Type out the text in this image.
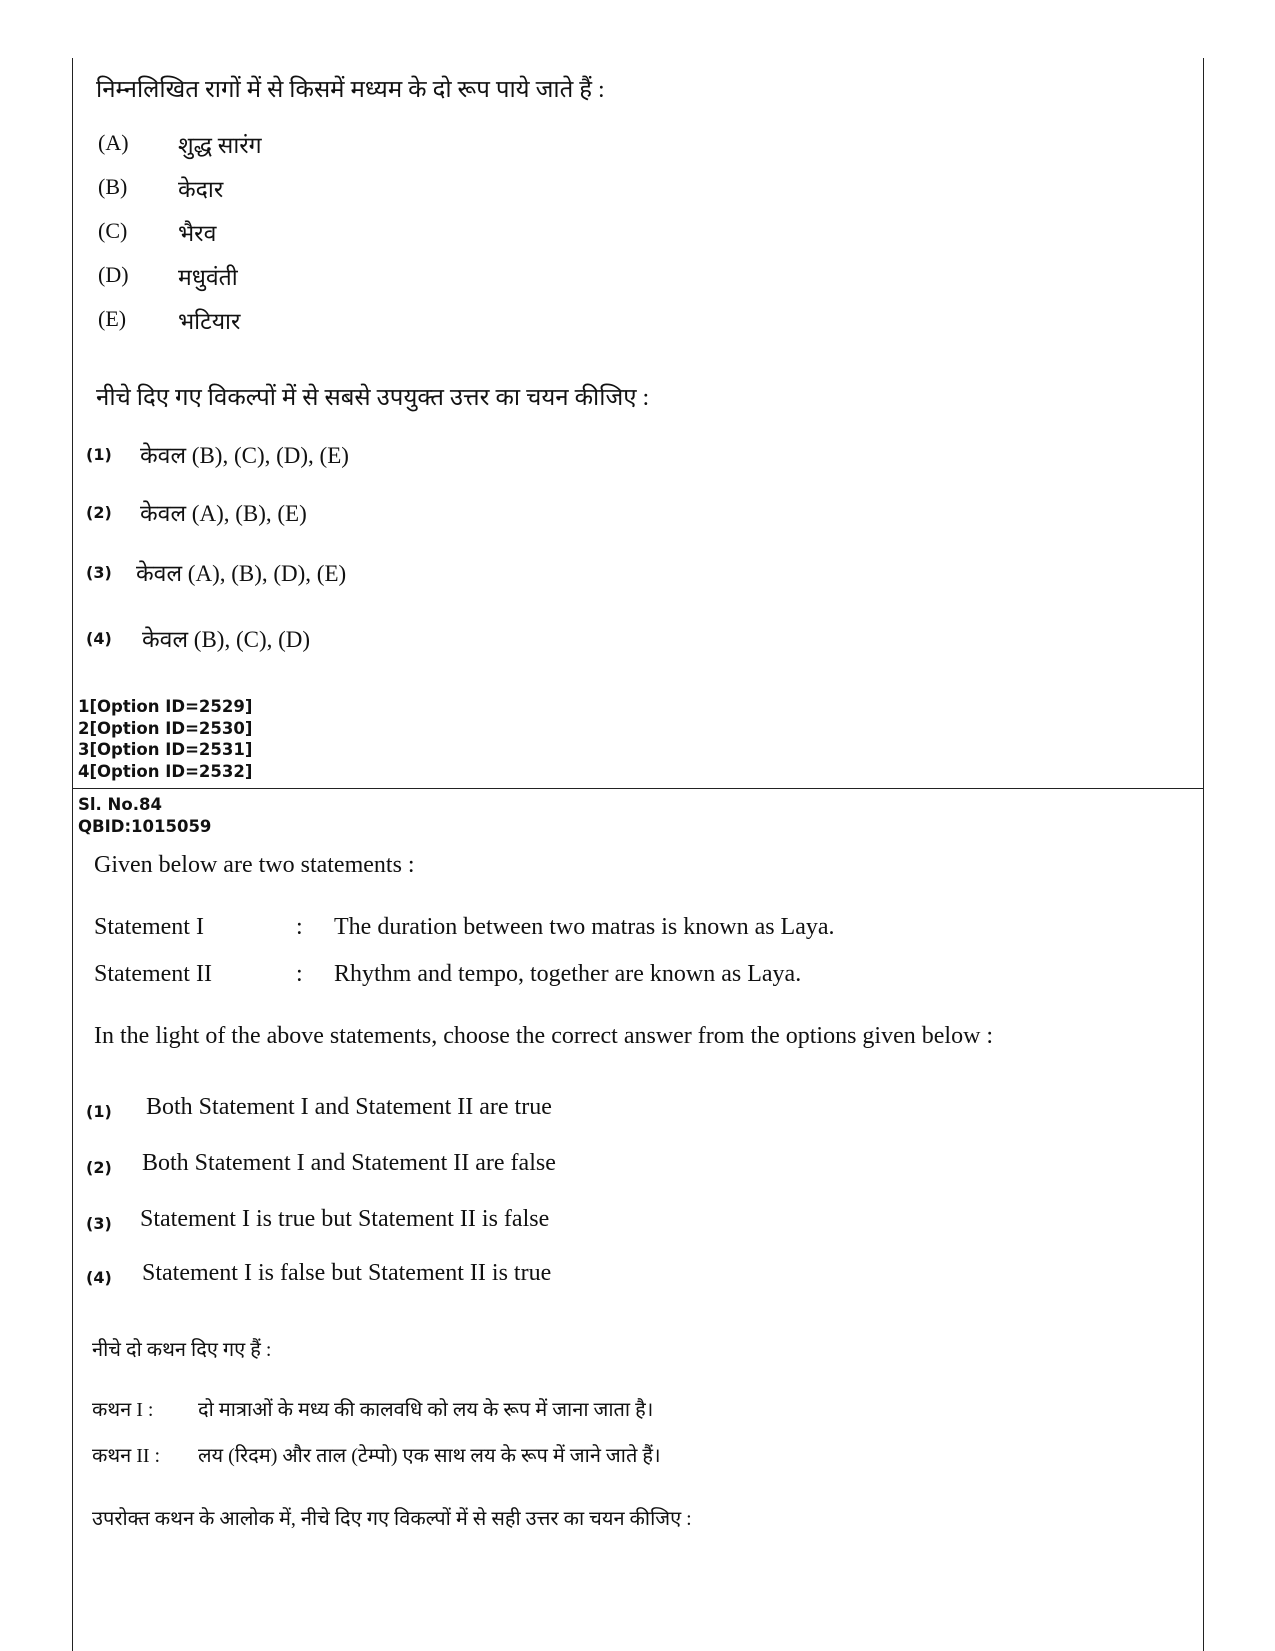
निम्नलिखित रागों में से किसमें मध्यम के दो रूप पाये जाते हैं :
(A) शुद्ध सारंग
(B) केदार
(C) भैरव
(D) मधुवंती
(E) भटियार
नीचे दिए गए विकल्पों में से सबसे उपयुक्त उत्तर का चयन कीजिए :
(1) केवल (B), (C), (D), (E)
(2) केवल (A), (B), (E)
(3) केवल (A), (B), (D), (E)
(4) केवल (B), (C), (D)
1[Option ID=2529]
2[Option ID=2530]
3[Option ID=2531]
4[Option ID=2532]
Sl. No.84
QBID:1015059
Given below are two statements :
Statement I	: The duration between two matras is known as Laya.
Statement II	: Rhythm and tempo, together are known as Laya.
In the light of the above statements, choose the correct answer from the options given below :
(1) Both Statement I and Statement II are true
(2) Both Statement I and Statement II are false
(3) Statement I is true but Statement II is false
(4) Statement I is false but Statement II is true
नीचे दो कथन दिए गए हैं :
कथन I : दो मात्राओं के मध्य की कालवधि को लय के रूप में जाना जाता है।
कथन II : लय (रिदम) और ताल (टेम्पो) एक साथ लय के रूप में जाने जाते हैं।
उपरोक्त कथन के आलोक में, नीचे दिए गए विकल्पों में से सही उत्तर का चयन कीजिए :
